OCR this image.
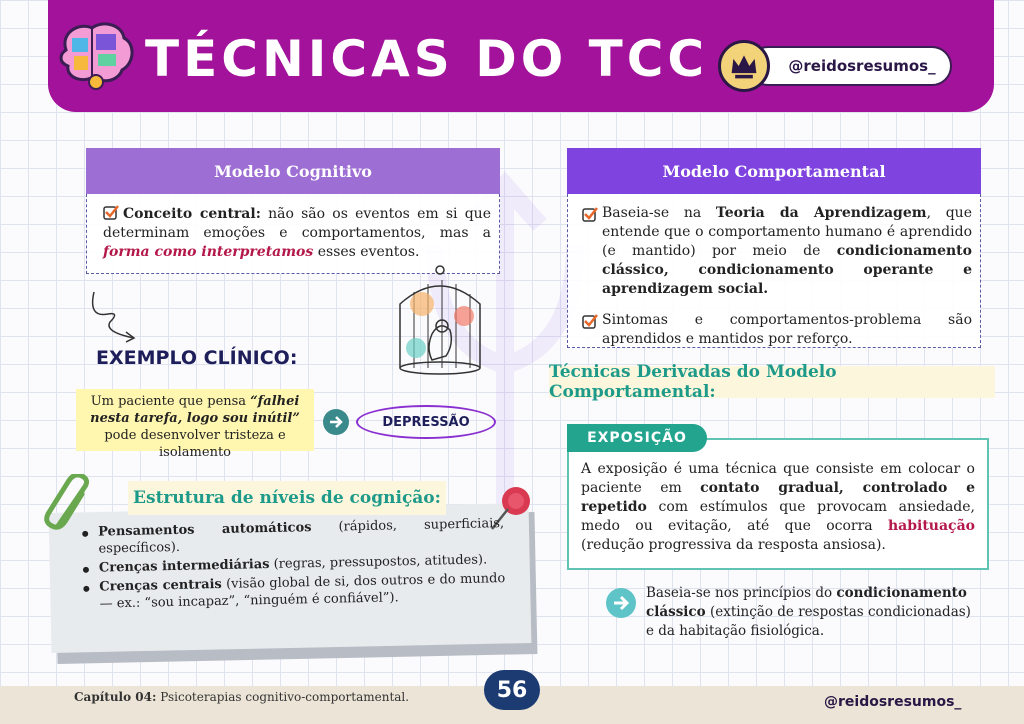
TÉCNICAS DO TCC	@reidosresumos_
Modelo Cognitivo
Conceito central: não são os eventos em si que determinam emoções e comportamentos, mas a forma como interpretamos esses eventos.
Modelo Comportamental
Baseia-se na Teoria da Aprendizagem, que entende que o comportamento humano é aprendido (e mantido) por meio de condicionamento clássico, condicionamento operante e aprendizagem social.
Sintomas e comportamentos-problema são aprendidos e mantidos por reforço.
EXEMPLO CLÍNICO:
Um paciente que pensa “falhei nesta tarefa, logo sou inútil” pode desenvolver tristeza e isolamento
DEPRESSÃO
Estrutura de níveis de cognição:
Pensamentos automáticos (rápidos, superficiais, específicos).
Crenças intermediárias (regras, pressupostos, atitudes).
Crenças centrais (visão global de si, dos outros e do mundo — ex.: “sou incapaz”, “ninguém é confiável”).
Técnicas Derivadas do Modelo Comportamental:
EXPOSIÇÃO
A exposição é uma técnica que consiste em colocar o paciente em contato gradual, controlado e repetido com estímulos que provocam ansiedade, medo ou evitação, até que ocorra habituação (redução progressiva da resposta ansiosa).
Baseia-se nos princípios do condicionamento clássico (extinção de respostas condicionadas) e da habitação fisiológica.
Capítulo 04: Psicoterapias cognitivo-comportamental.	56	@reidosresumos_
